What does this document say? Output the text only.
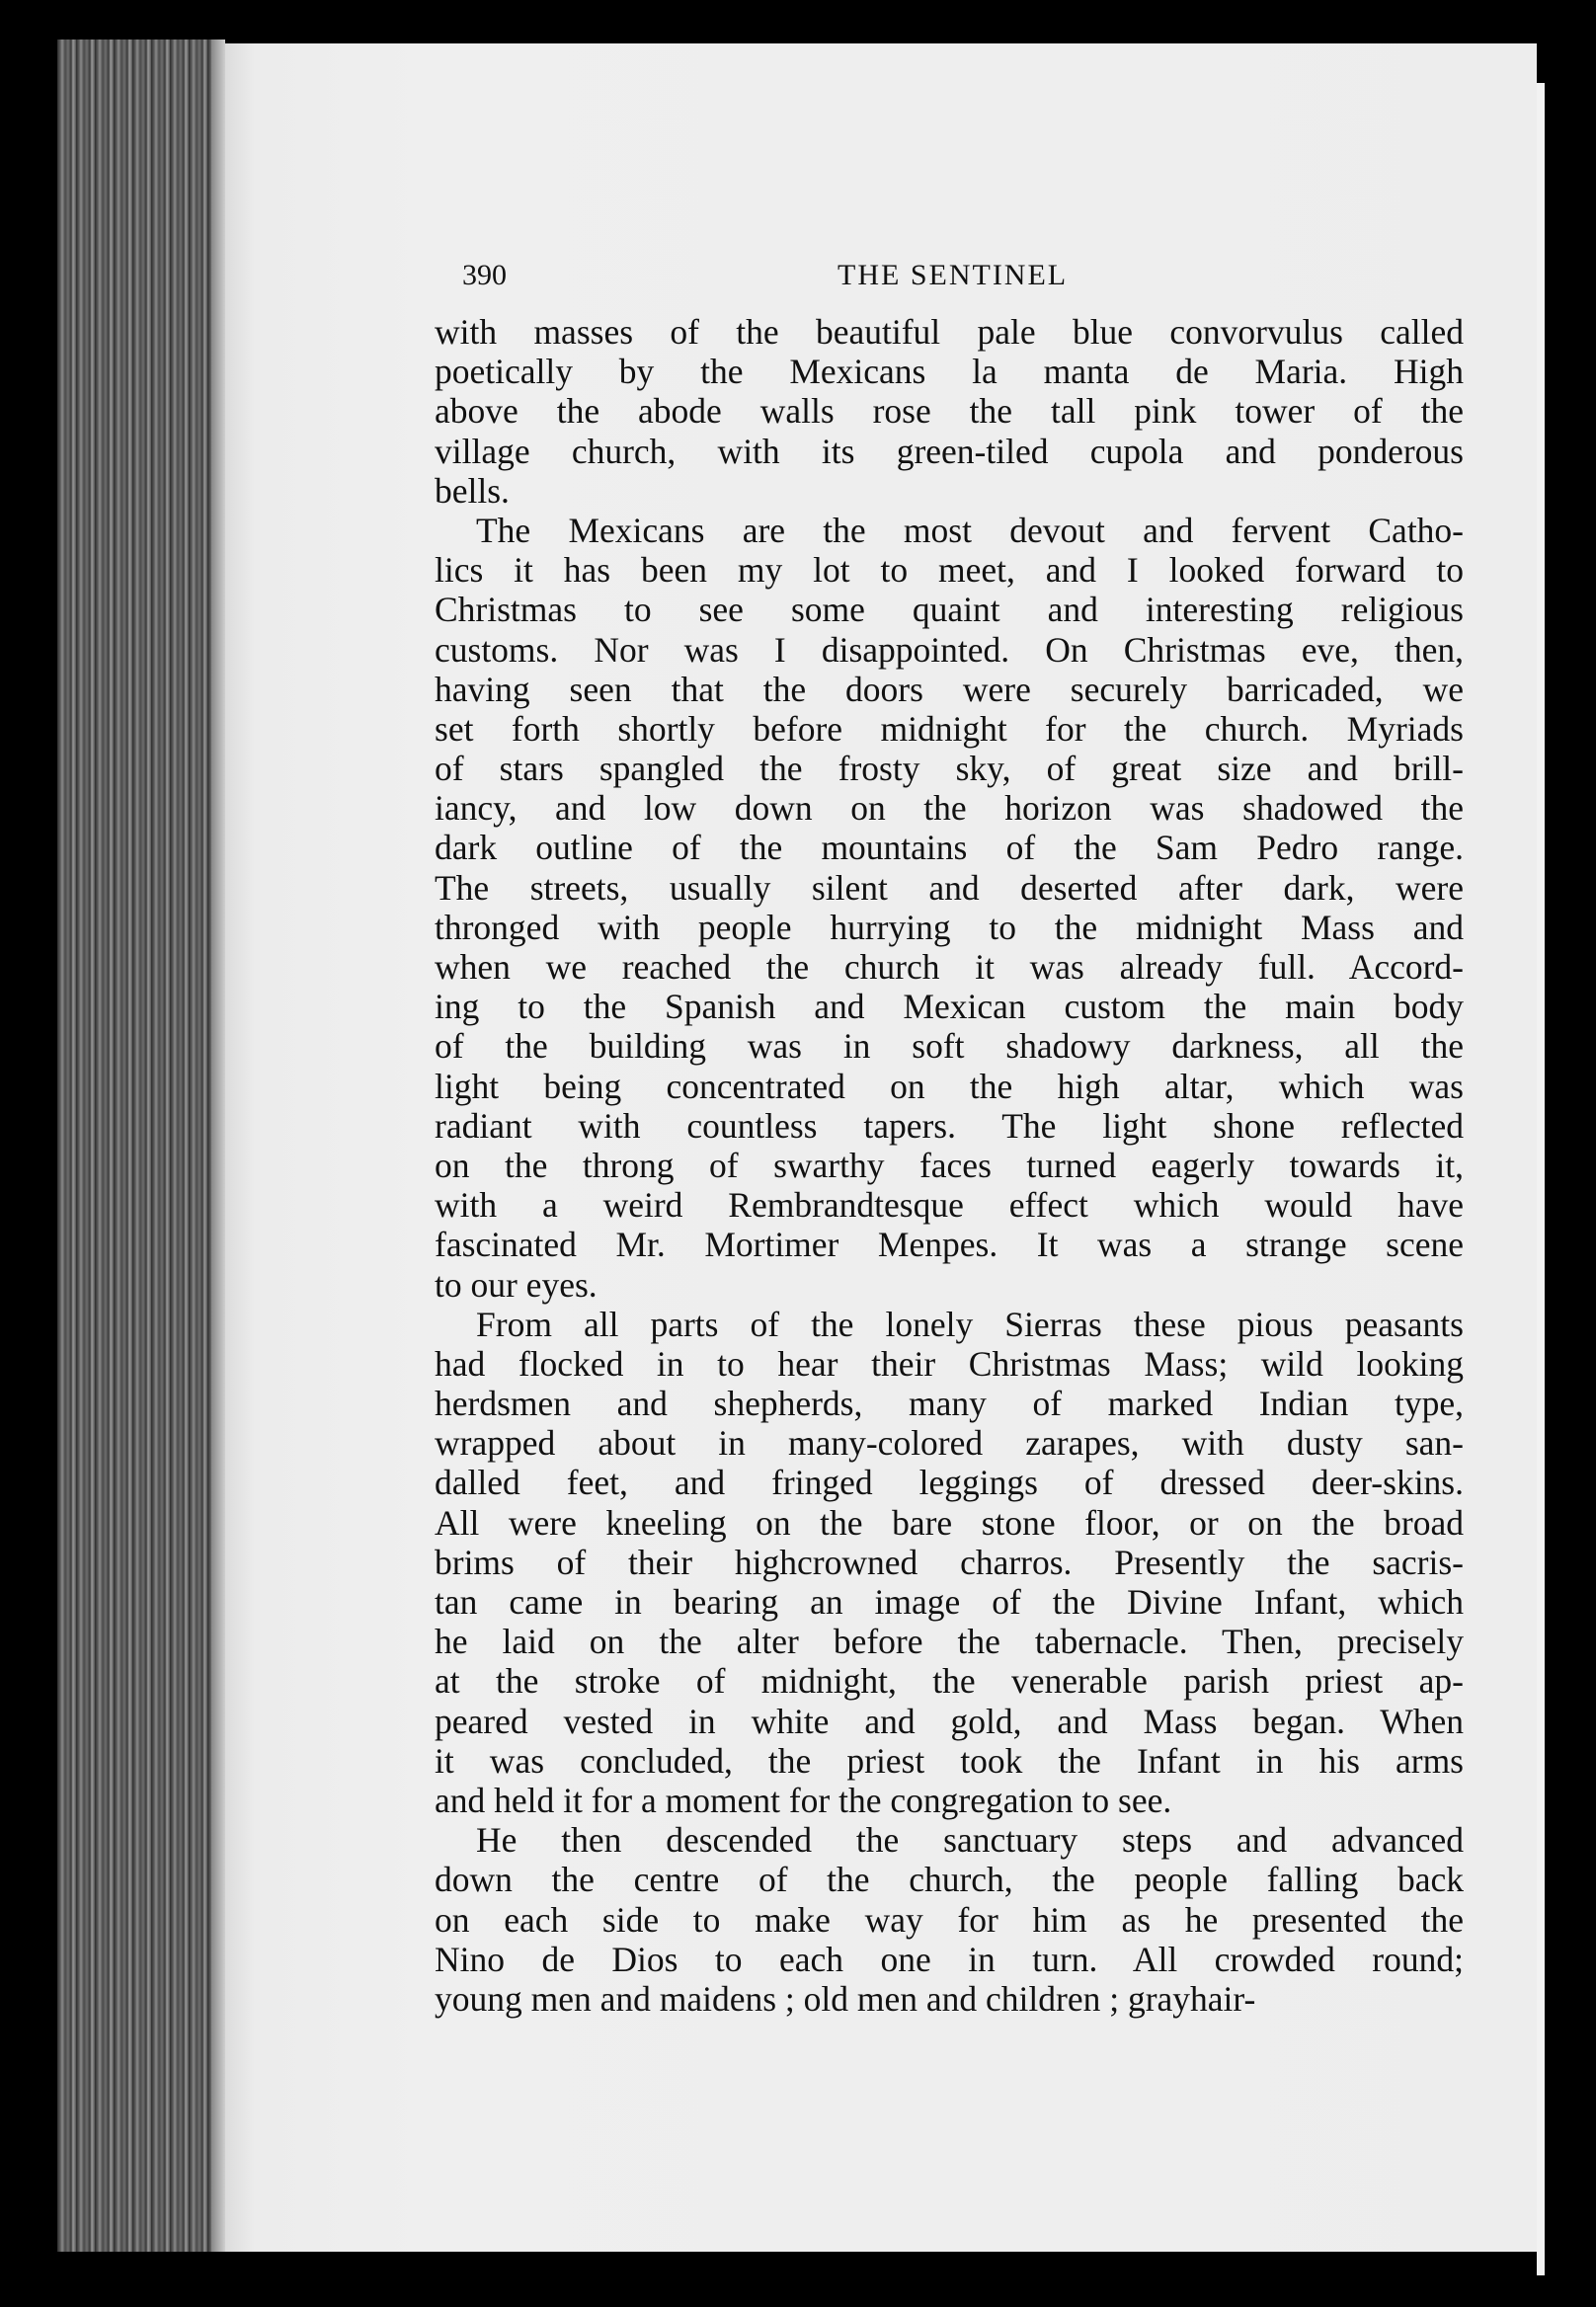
390	THE SENTINEL
with masses of the beautiful pale blue convorvulus called
poetically by the Mexicans la manta de Maria. High
above the abode walls rose the tall pink tower of the
village church, with its green-tiled cupola and ponderous
bells.
The Mexicans are the most devout and fervent Catho-
lics it has been my lot to meet, and I looked forward to
Christmas to see some quaint and interesting religious
customs. Nor was I disappointed. On Christmas eve, then,
having seen that the doors were securely barricaded, we
set forth shortly before midnight for the church. Myriads
of stars spangled the frosty sky, of great size and brill-
iancy, and low down on the horizon was shadowed the
dark outline of the mountains of the Sam Pedro range.
The streets, usually silent and deserted after dark, were
thronged with people hurrying to the midnight Mass and
when we reached the church it was already full. Accord-
ing to the Spanish and Mexican custom the main body
of the building was in soft shadowy darkness, all the
light being concentrated on the high altar, which was
radiant with countless tapers. The light shone reflected
on the throng of swarthy faces turned eagerly towards it,
with a weird Rembrandtesque effect which would have
fascinated Mr. Mortimer Menpes. It was a strange scene
to our eyes.
From all parts of the lonely Sierras these pious peasants
had flocked in to hear their Christmas Mass; wild looking
herdsmen and shepherds, many of marked Indian type,
wrapped about in many-colored zarapes, with dusty san-
dalled feet, and fringed leggings of dressed deer-skins.
All were kneeling on the bare stone floor, or on the broad
brims of their highcrowned charros. Presently the sacris-
tan came in bearing an image of the Divine Infant, which
he laid on the alter before the tabernacle. Then, precisely
at the stroke of midnight, the venerable parish priest ap-
peared vested in white and gold, and Mass began. When
it was concluded, the priest took the Infant in his arms
and held it for a moment for the congregation to see.
He then descended the sanctuary steps and advanced
down the centre of the church, the people falling back
on each side to make way for him as he presented the
Nino de Dios to each one in turn. All crowded round;
young men and maidens ; old men and children ; grayhair-
